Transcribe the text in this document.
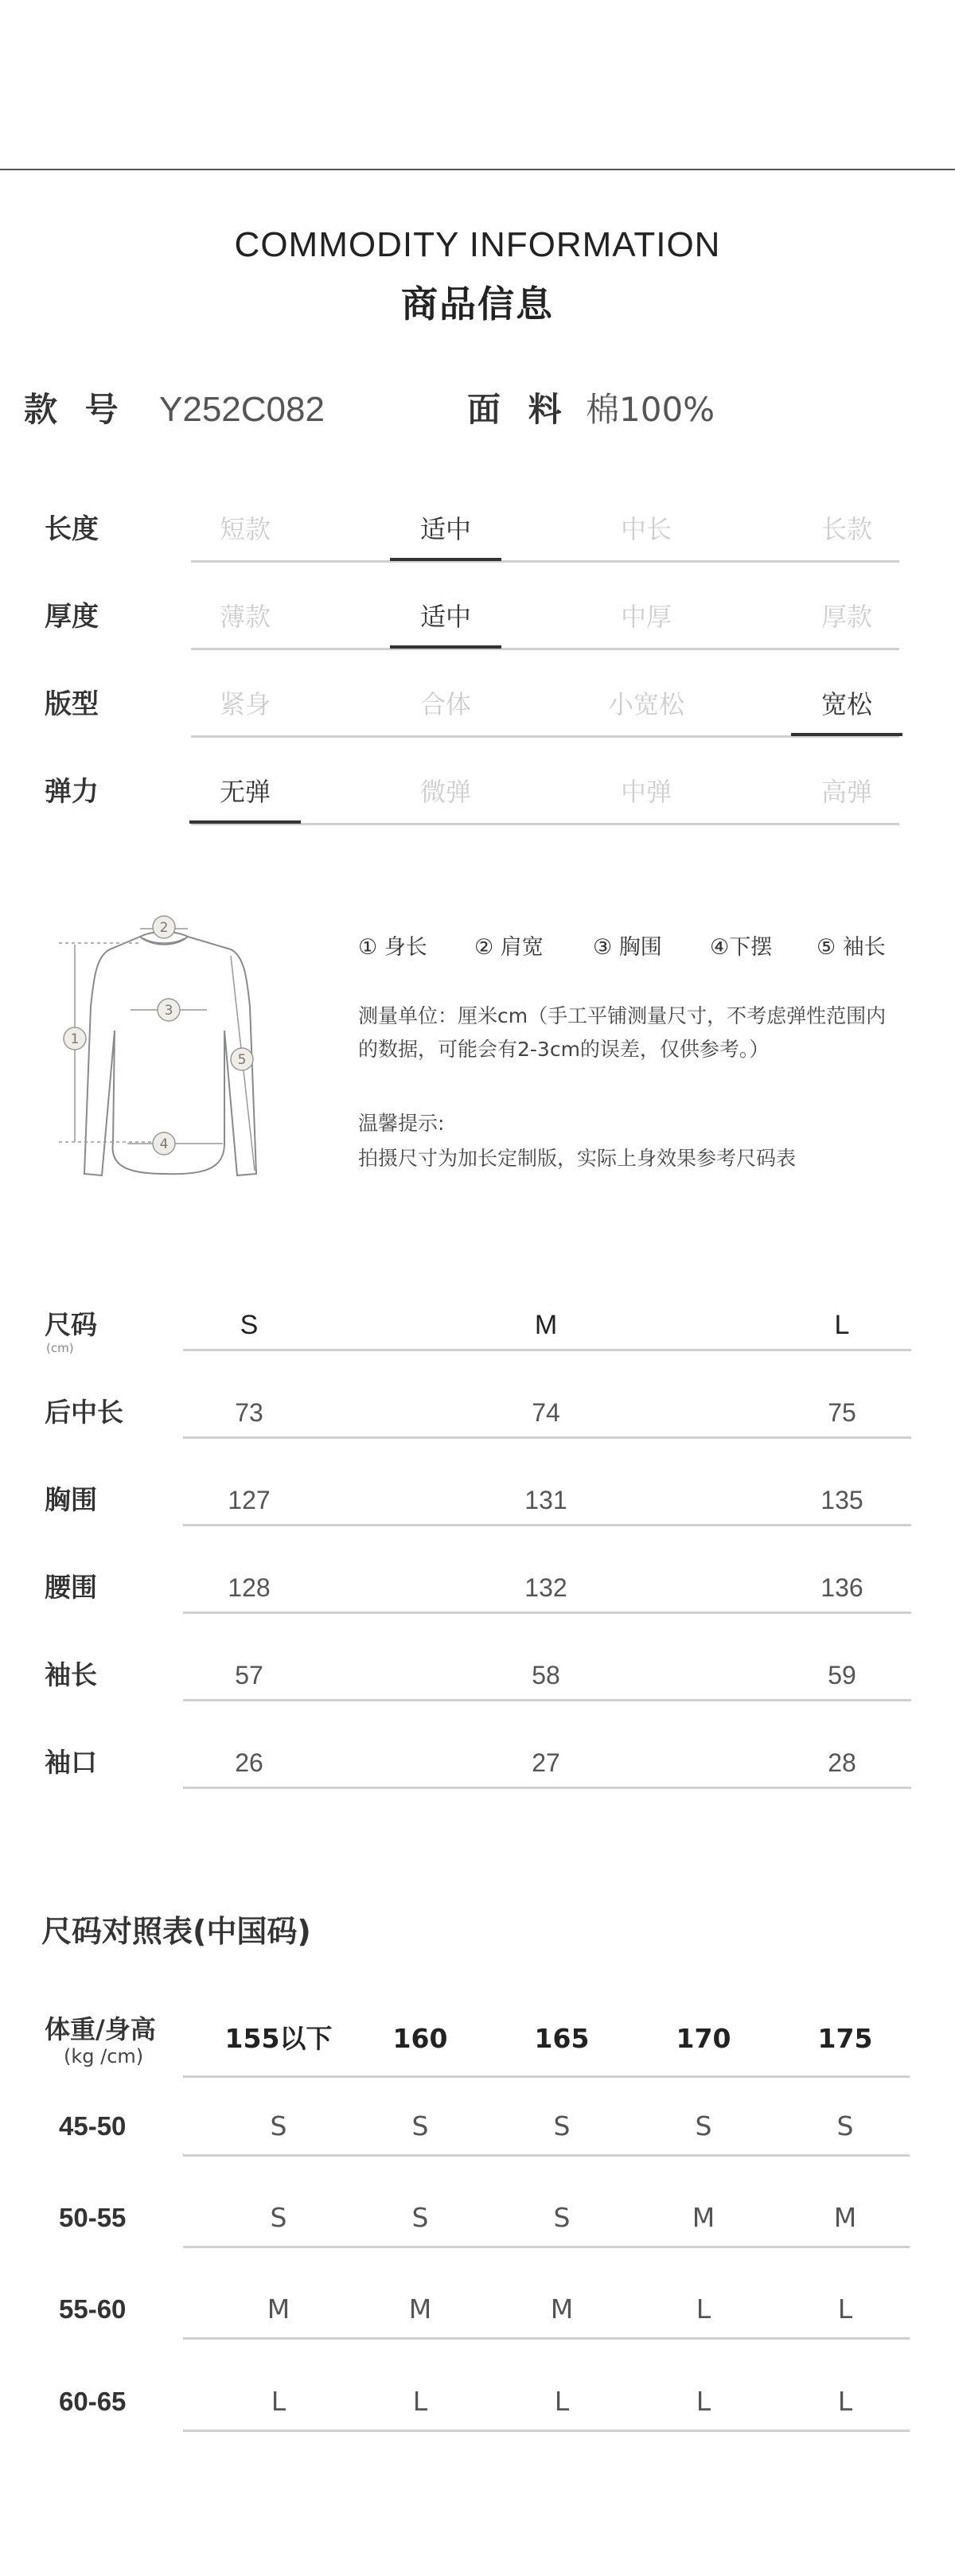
COMMODITY INFORMATION
商品信息
款 号 Y252C082	面 料 棉100%
长度	短款	适中	中长	长款
厚度	薄款	适中	中厚	厚款
版型	紧身	合体	小宽松	宽松
弹力	无弹	微弹	中弹	高弹
1
2
3
4
5
① 身长 ② 肩宽 ③ 胸围 ④下摆 ⑤ 袖长
测量单位：厘米cm（手工平铺测量尺寸，不考虑弹性范围内
的数据，可能会有2-3cm的误差，仅供参考。）
温馨提示:
拍摄尺寸为加长定制版，实际上身效果参考尺码表
尺码
(cm)
S	M	L
后中长	73	74	75
胸围	127	131	135
腰围	128	132	136
袖长	57	58	59
袖口	26	27	28
尺码对照表(中国码)
体重/身高
(kg /cm)
155以下	160	165	170	175
45-50	S	S	S	S	S
50-55	S	S	S	M	M
55-60	M	M	M	L	L
60-65	L	L	L	L	L
